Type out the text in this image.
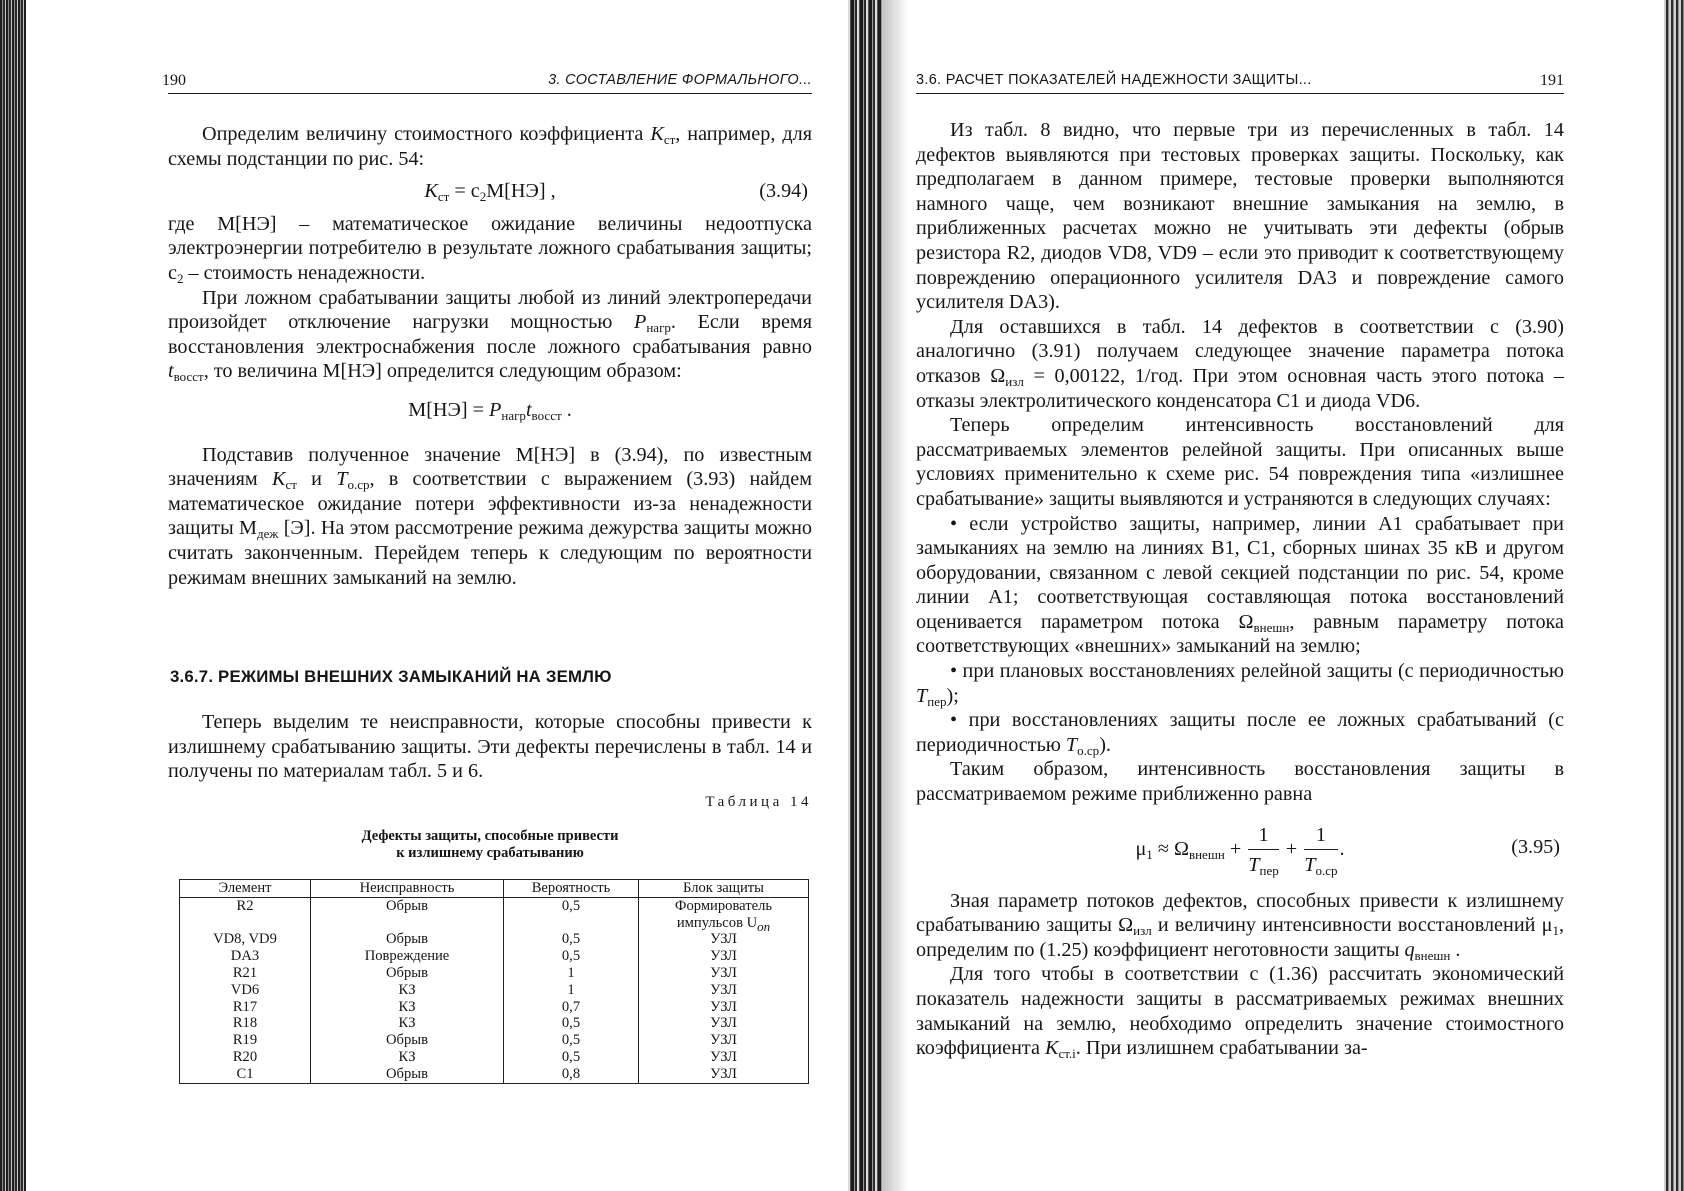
190	3. СОСТАВЛЕНИЕ ФОРМАЛЬНОГО...

Определим величину стоимостного коэффициента $K_{ст}$, например, для схемы подстанции по рис. 54:

$K_{ст} = c_2M[НЭ]$ ,	(3.94)

где М[НЭ] – математическое ожидание величины недоотпуска электроэнергии потребителю в результате ложного срабатывания защиты; $c_2$ – стоимость ненадежности.

При ложном срабатывании защиты любой из линий электропередачи произойдет отключение нагрузки мощностью $P_{нагр}$. Если время восстановления электроснабжения после ложного срабатывания равно $t_{восст}$, то величина М[НЭ] определится следующим образом:

$M[НЭ] = P_{нагр}t_{восст}$ .

Подставив полученное значение М[НЭ] в (3.94), по известным значениям $K_{ст}$ и $T_{о.ср}$, в соответствии с выражением (3.93) найдем математическое ожидание потери эффективности из-за ненадежности защиты $M_{деж}$ [Э]. На этом рассмотрение режима дежурства защиты можно считать законченным. Перейдем теперь к следующим по вероятности режимам внешних замыканий на землю.

3.6.7. РЕЖИМЫ ВНЕШНИХ ЗАМЫКАНИЙ НА ЗЕМЛЮ

Теперь выделим те неисправности, которые способны привести к излишнему срабатыванию защиты. Эти дефекты перечислены в табл. 14 и получены по материалам табл. 5 и 6.

Таблица 14
Дефекты защиты, способные привести
к излишнему срабатыванию
Элемент	Неисправность	Вероятность	Блок защиты
R2	Обрыв	0,5	Формирователь импульсов $U_{оп}$
VD8, VD9	Обрыв	0,5	УЗЛ
DA3	Повреждение	0,5	УЗЛ
R21	Обрыв	1	УЗЛ
VD6	КЗ	1	УЗЛ
R17	КЗ	0,7	УЗЛ
R18	КЗ	0,5	УЗЛ
R19	Обрыв	0,5	УЗЛ
R20	КЗ	0,5	УЗЛ
C1	Обрыв	0,8	УЗЛ
3.6. РАСЧЕТ ПОКАЗАТЕЛЕЙ НАДЕЖНОСТИ ЗАЩИТЫ...	191

Из табл. 8 видно, что первые три из перечисленных в табл. 14 дефектов выявляются при тестовых проверках защиты. Поскольку, как предполагаем в данном примере, тестовые проверки выполняются намного чаще, чем возникают внешние замыкания на землю, в приближенных расчетах можно не учитывать эти дефекты (обрыв резистора R2, диодов VD8, VD9 – если это приводит к соответствующему повреждению операционного усилителя DA3 и повреждение самого усилителя DA3).

Для оставшихся в табл. 14 дефектов в соответствии с (3.90) аналогично (3.91) получаем следующее значение параметра потока отказов $\Omega_{изл} = 0,00122$, 1/год. При этом основная часть этого потока – отказы электролитического конденсатора C1 и диода VD6.

Теперь определим интенсивность восстановлений для рассматриваемых элементов релейной защиты. При описанных выше условиях применительно к схеме рис. 54 повреждения типа «излишнее срабатывание» защиты выявляются и устраняются в следующих случаях:

• если устройство защиты, например, линии A1 срабатывает при замыканиях на землю на линиях B1, C1, сборных шинах 35 кВ и другом оборудовании, связанном с левой секцией подстанции по рис. 54, кроме линии A1; соответствующая составляющая потока восстановлений оценивается параметром потока $\Omega_{внешн}$, равным параметру потока соответствующих «внешних» замыканий на землю;

• при плановых восстановлениях релейной защиты (с периодичностью $T_{пер}$);

• при восстановлениях защиты после ее ложных срабатываний (с периодичностью $T_{о.ср}$).

Таким образом, интенсивность восстановления защиты в рассматриваемом режиме приближенно равна

$\mu_1 \approx \Omega_{внешн} + \frac{1}{T_{пер}} + \frac{1}{T_{о.ср}}$ .	(3.95)

Зная параметр потоков дефектов, способных привести к излишнему срабатыванию защиты $\Omega_{изл}$ и величину интенсивности восстановлений $\mu_1$, определим по (1.25) коэффициент неготовности защиты $q_{внешн}$ .

Для того чтобы в соответствии с (1.36) рассчитать экономический показатель надежности защиты в рассматриваемых режимах внешних замыканий на землю, необходимо определить значение стоимостного коэффициента $K_{ст.i}$. При излишнем срабатывании за-
